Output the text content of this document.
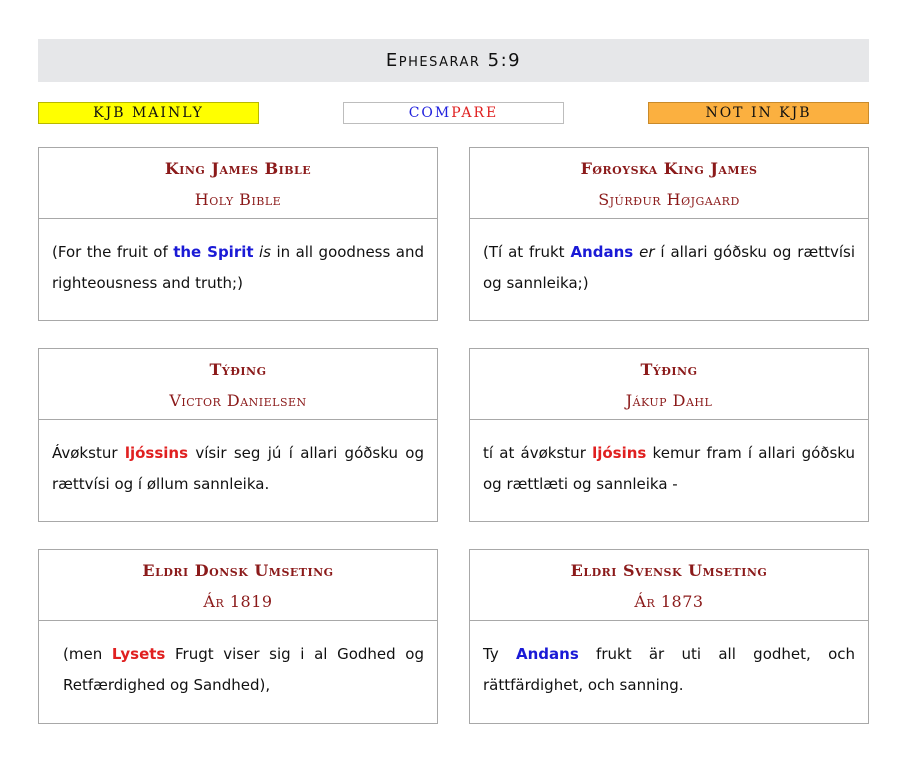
Ephesarar 5:9
KJB MAINLY	COM PARE	NOT IN KJB
King James Bible
Holy Bible
(For the fruit of the Spirit is in all goodness and righteousness and truth;)
Føroyska King James
Sjúrður Højgaard
(Tí at frukt Andans er í allari góðsku og rættvísi og sannleika;)
Týðing
Victor Danielsen
Ávøkstur ljóssins vísir seg jú í allari góðsku og rættvísi og í øllum sannleika.
Týðing
Jákup Dahl
tí at ávøkstur ljósins kemur fram í allari góðsku og rættlæti og sannleika -
Eldri Donsk Umseting
Ár 1819
(men Lysets Frugt viser sig i al Godhed og Retfærdighed og Sandhed),
Eldri Svensk Umseting
Ár 1873
Ty Andans frukt är uti all godhet, och rättfärdighet, och sanning.
